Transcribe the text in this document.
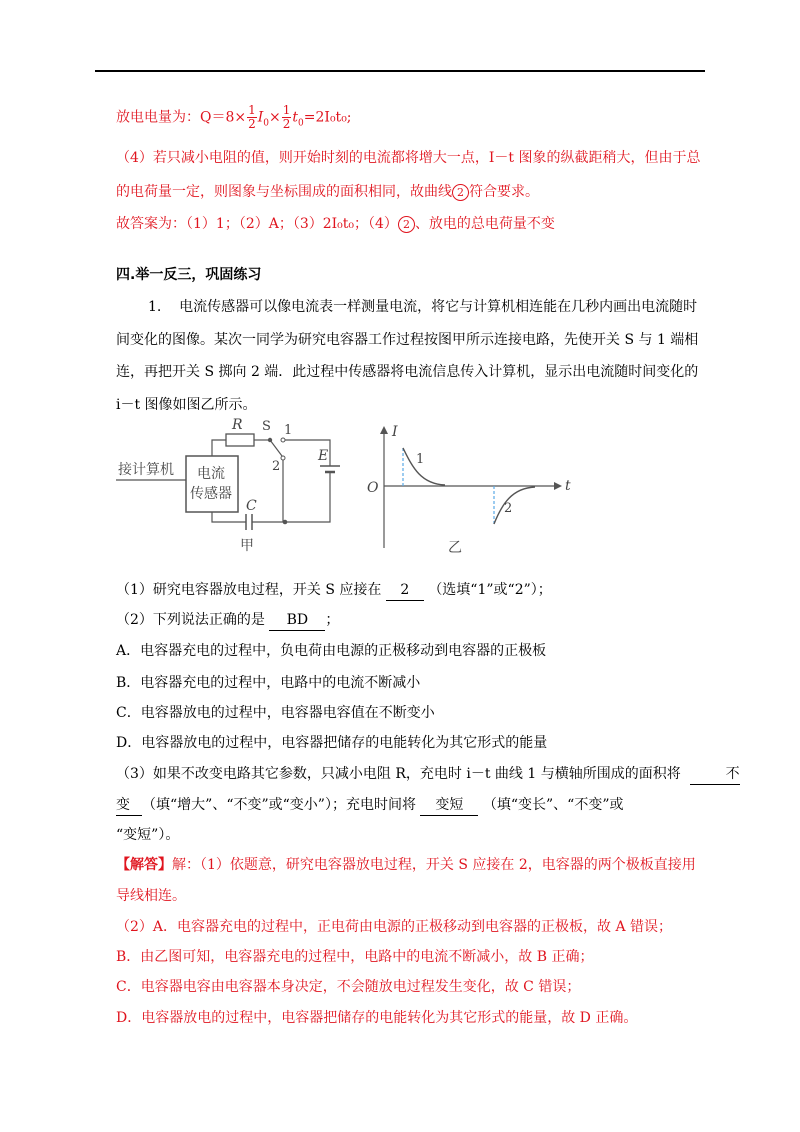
放电电量为：$Q=8\times \frac{1}{2} I_0\times \frac{1}{2} t_0=2I_0t_0$;
（4）若只减小电阻的值，则开始时刻的电流都将增大一点，I－t 图象的纵截距稍大，但由于总
的电荷量一定，则图象与坐标围成的面积相同，故曲线 2 符合要求。
故答案为：（1）1；（2）A；（3）2I₀t₀；（4） 2 、放电的总电荷量不变
四.举一反三，巩固练习
1. 电流传感器可以像电流表一样测量电流，将它与计算机相连能在几秒内画出电流随时
间变化的图像。某次一同学为研究电容器工作过程按图甲所示连接电路，先使开关 S 与 1 端相
连，再把开关 S 掷向 2 端．此过程中传感器将电流信息传入计算机，显示出电流随时间变化的
i－t 图像如图乙所示。
接计算机 电流
传感器
R S 1
2
E
C
甲
I
t
O
1
2
乙
（1）研究电容器放电过程，开关 S 应接在 2 （选填“1”或“2”）；
（2）下列说法正确的是 BD ；
A．电容器充电的过程中，负电荷由电源的正极移动到电容器的正极板
B．电容器充电的过程中，电路中的电流不断减小
C．电容器放电的过程中，电容器电容值在不断变小
D．电容器放电的过程中，电容器把储存的电能转化为其它形式的能量
（3）如果不改变电路其它参数，只减小电阻 R，充电时 i－t 曲线 1 与横轴所围成的面积将	不
变 （填“增大”、“不变”或“变小”）；充电时间将 变短 （填“变长”、“不变”或
“变短”）。
【解答】解：（1）依题意，研究电容器放电过程，开关 S 应接在 2，电容器的两个极板直接用
导线相连。
（2）A．电容器充电的过程中，正电荷由电源的正极移动到电容器的正极板，故 A 错误；
B．由乙图可知，电容器充电的过程中，电路中的电流不断减小，故 B 正确；
C．电容器电容由电容器本身决定，不会随放电过程发生变化，故 C 错误；
D．电容器放电的过程中，电容器把储存的电能转化为其它形式的能量，故 D 正确。
